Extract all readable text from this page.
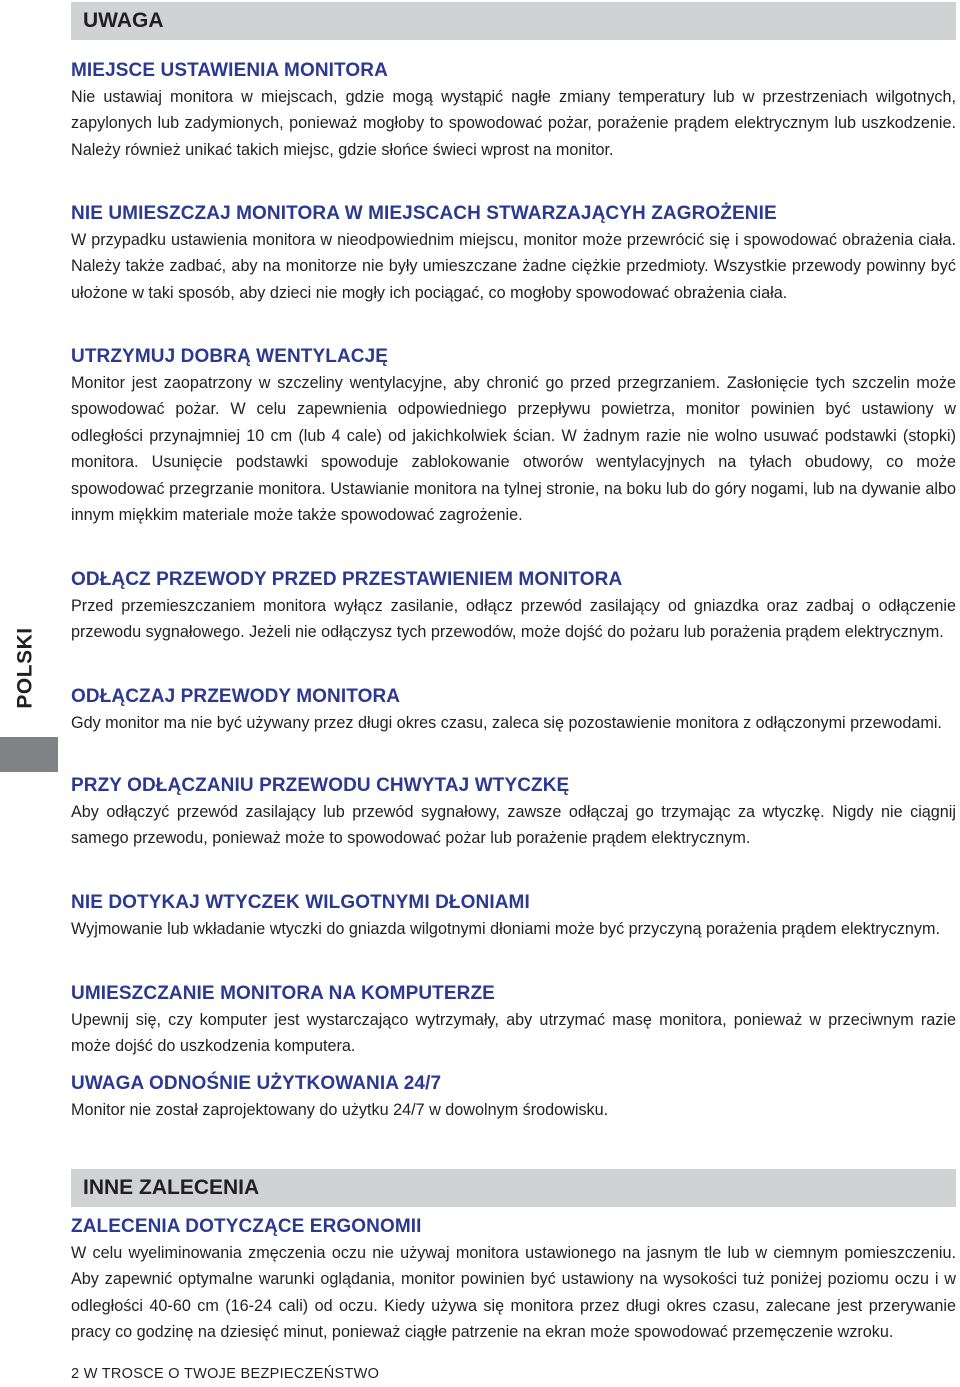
UWAGA
MIEJSCE USTAWIENIA MONITORA

Nie ustawiaj monitora w miejscach, gdzie mogą wystąpić nagłe zmiany temperatury lub w przestrzeniach wilgotnych, zapylonych lub zadymionych, ponieważ mogłoby to spowodować pożar, porażenie prądem elektrycznym lub uszkodzenie. Należy również unikać takich miejsc, gdzie słońce świeci wprost na monitor.

NIE UMIESZCZAJ MONITORA W MIEJSCACH STWARZAJĄCYH ZAGROŻENIE

W przypadku ustawienia monitora w nieodpowiednim miejscu, monitor może przewrócić się i spowodować obrażenia ciała. Należy także zadbać, aby na monitorze nie były umieszczane żadne ciężkie przedmioty. Wszystkie przewody powinny być ułożone w taki sposób, aby dzieci nie mogły ich pociągać, co mogłoby spowodować obrażenia ciała.

UTRZYMUJ DOBRĄ WENTYLACJĘ

Monitor jest zaopatrzony w szczeliny wentylacyjne, aby chronić go przed przegrzaniem. Zasłonięcie tych szczelin może spowodować pożar. W celu zapewnienia odpowiedniego przepływu powietrza, monitor powinien być ustawiony w odległości przynajmniej 10 cm (lub 4 cale) od jakichkolwiek ścian. W żadnym razie nie wolno usuwać podstawki (stopki) monitora. Usunięcie podstawki spowoduje zablokowanie otworów wentylacyjnych na tyłach obudowy, co może spowodować przegrzanie monitora. Ustawianie monitora na tylnej stronie, na boku lub do góry nogami, lub na dywanie albo innym miękkim materiale może także spowodować zagrożenie.

ODŁĄCZ PRZEWODY PRZED PRZESTAWIENIEM MONITORA

Przed przemieszczaniem monitora wyłącz zasilanie, odłącz przewód zasilający od gniazdka oraz zadbaj o odłączenie przewodu sygnałowego. Jeżeli nie odłączysz tych przewodów, może dojść do pożaru lub porażenia prądem elektrycznym.

ODŁĄCZAJ PRZEWODY MONITORA

Gdy monitor ma nie być używany przez długi okres czasu, zaleca się pozostawienie monitora z odłączonymi przewodami.

PRZY ODŁĄCZANIU PRZEWODU CHWYTAJ WTYCZKĘ

Aby odłączyć przewód zasilający lub przewód sygnałowy, zawsze odłączaj go trzymając za wtyczkę. Nigdy nie ciągnij samego przewodu, ponieważ może to spowodować pożar lub porażenie prądem elektrycznym.

NIE DOTYKAJ WTYCZEK WILGOTNYMI DŁONIAMI

Wyjmowanie lub wkładanie wtyczki do gniazda wilgotnymi dłoniami może być przyczyną porażenia prądem elektrycznym.

UMIESZCZANIE MONITORA NA KOMPUTERZE

Upewnij się, czy komputer jest wystarczająco wytrzymały, aby utrzymać masę monitora, ponieważ w przeciwnym razie może dojść do uszkodzenia komputera.

UWAGA ODNOŚNIE UŻYTKOWANIA 24/7

Monitor nie został zaprojektowany do użytku 24/7 w dowolnym środowisku.

INNE ZALECENIA
ZALECENIA DOTYCZĄCE ERGONOMII

W celu wyeliminowania zmęczenia oczu nie używaj monitora ustawionego na jasnym tle lub w ciemnym pomieszczeniu. Aby zapewnić optymalne warunki oglądania, monitor powinien być ustawiony na wysokości tuż poniżej poziomu oczu i w odległości 40-60 cm (16-24 cali) od oczu. Kiedy używa się monitora przez długi okres czasu, zalecane jest przerywanie pracy co godzinę na dziesięć minut, ponieważ ciągłe patrzenie na ekran może spowodować przemęczenie wzroku.

POLSKI
2 W TROSCE O TWOJE BEZPIECZEŃSTWO
